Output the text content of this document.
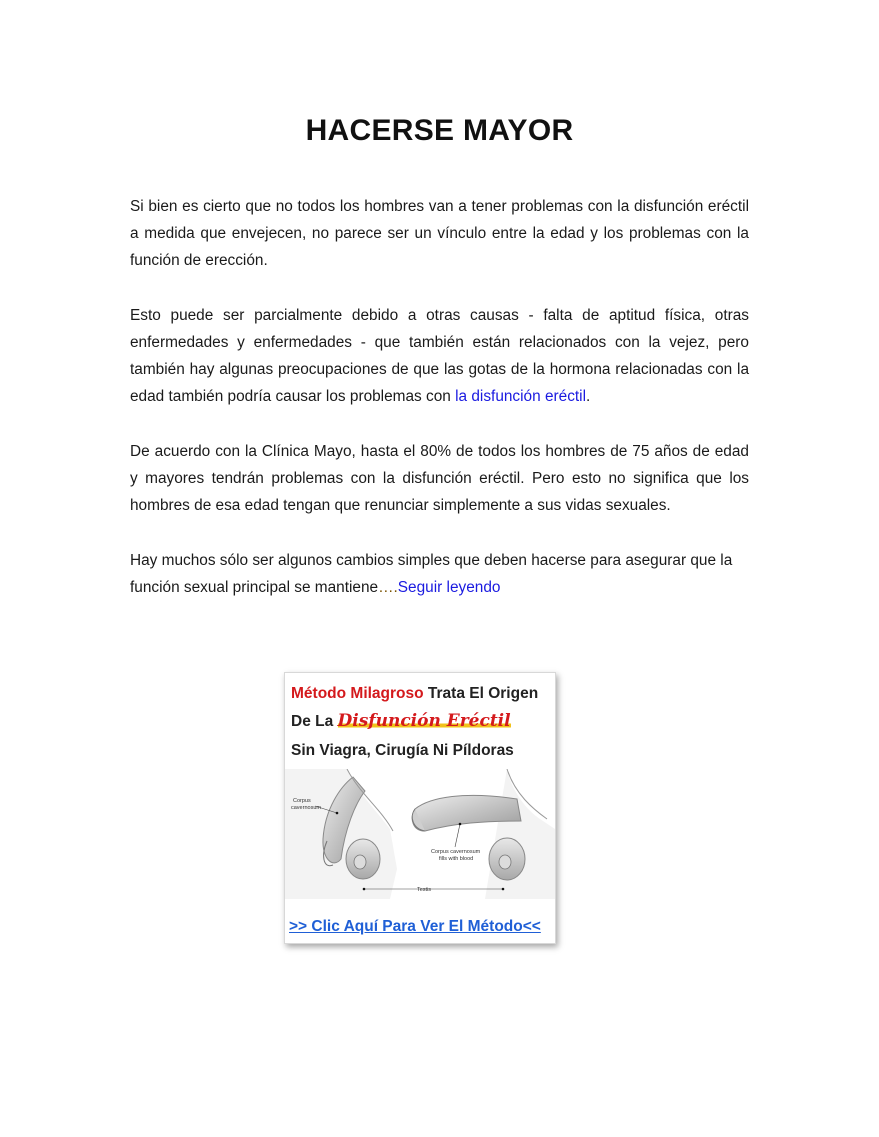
HACERSE MAYOR

Si bien es cierto que no todos los hombres van a tener problemas con la disfunción eréctil a medida que envejecen, no parece ser un vínculo entre la edad y los problemas con la función de erección.

Esto puede ser parcialmente debido a otras causas - falta de aptitud física, otras enfermedades y enfermedades - que también están relacionados con la vejez, pero también hay algunas preocupaciones de que las gotas de la hormona relacionadas con la edad también podría causar los problemas con la disfunción eréctil.

De acuerdo con la Clínica Mayo, hasta el 80% de todos los hombres de 75 años de edad y mayores tendrán problemas con la disfunción eréctil. Pero esto no significa que los hombres de esa edad tengan que renunciar simplemente a sus vidas sexuales.

Hay muchos sólo ser algunos cambios simples que deben hacerse para asegurar que la función sexual principal se mantiene….Seguir leyendo

Método Milagroso Trata El Origen
De La Disfunción Eréctil
Sin Viagra, Cirugía Ni Píldoras
Corpus
cavernosum
Corpus cavernosum
fills with blood
Testis
>> Clic Aquí Para Ver El Método<<
